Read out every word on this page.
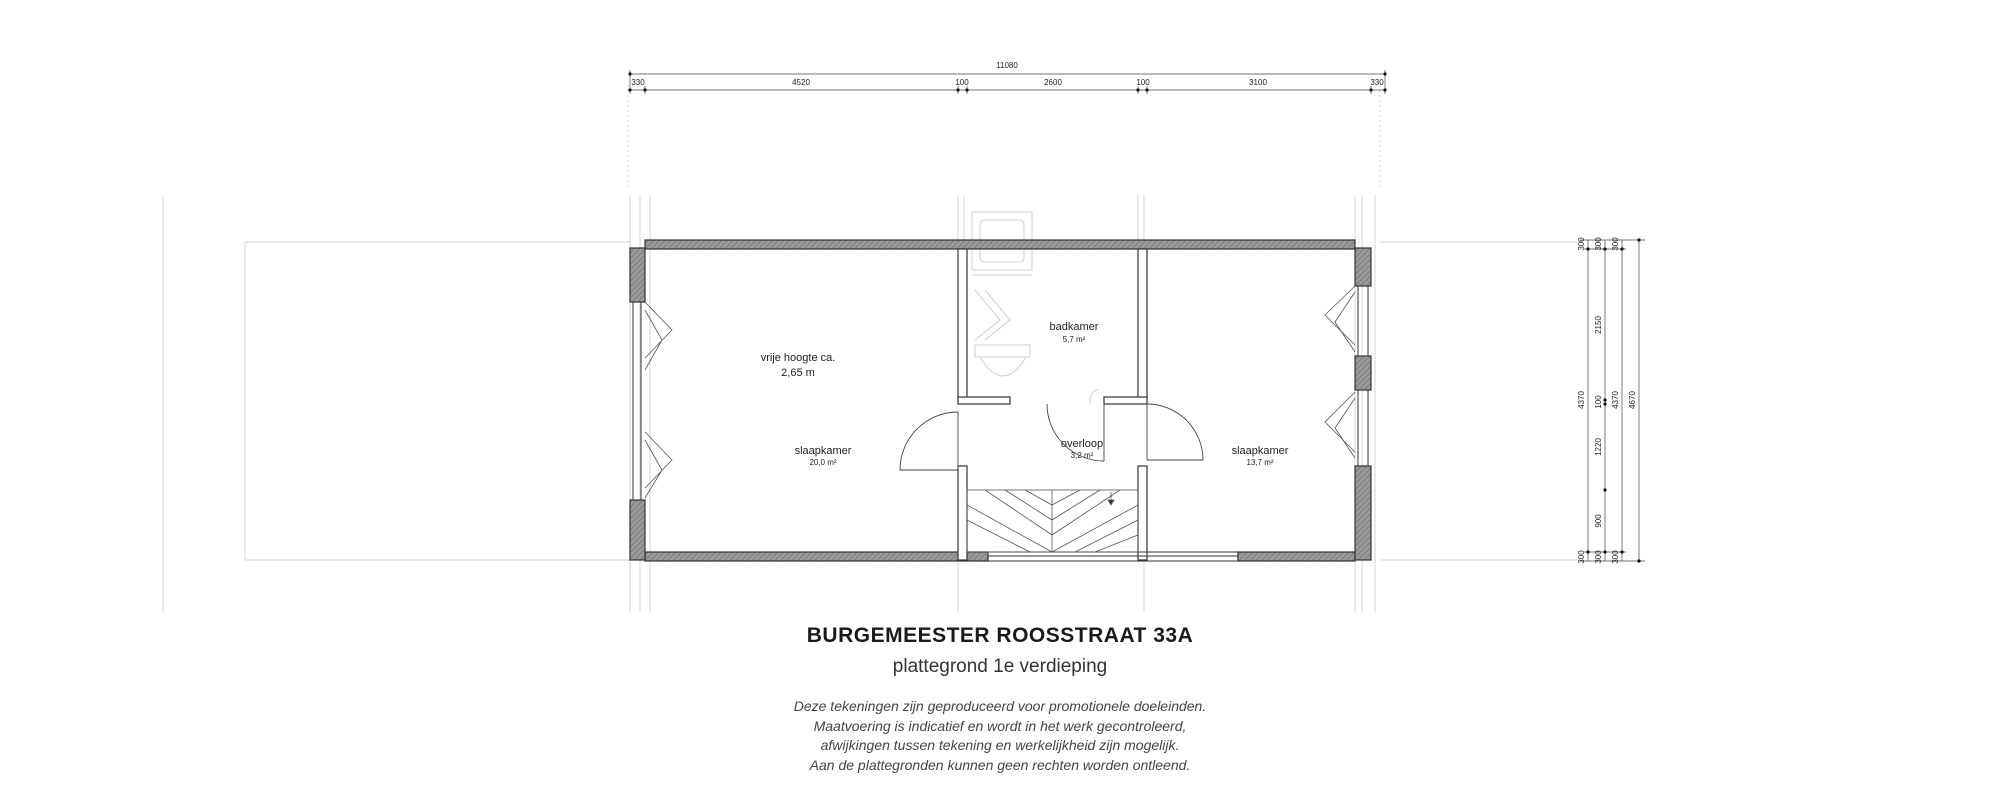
vrije hoogte ca.
2,65 m
slaapkamer
20,0 m²
badkamer
5,7 m²
overloop
3,2 m²	slaapkamer
13,7 m²
11080
330	4520	100	2600	100	3100	330
300
4370
300
300
2150
100
1220
900
300
300
4370
300
4670
BURGEMEESTER ROOSSTRAAT 33A
plattegrond 1e verdieping
Deze tekeningen zijn geproduceerd voor promotionele doeleinden.
Maatvoering is indicatief en wordt in het werk gecontroleerd,
afwijkingen tussen tekening en werkelijkheid zijn mogelijk.
Aan de plattegronden kunnen geen rechten worden ontleend.
